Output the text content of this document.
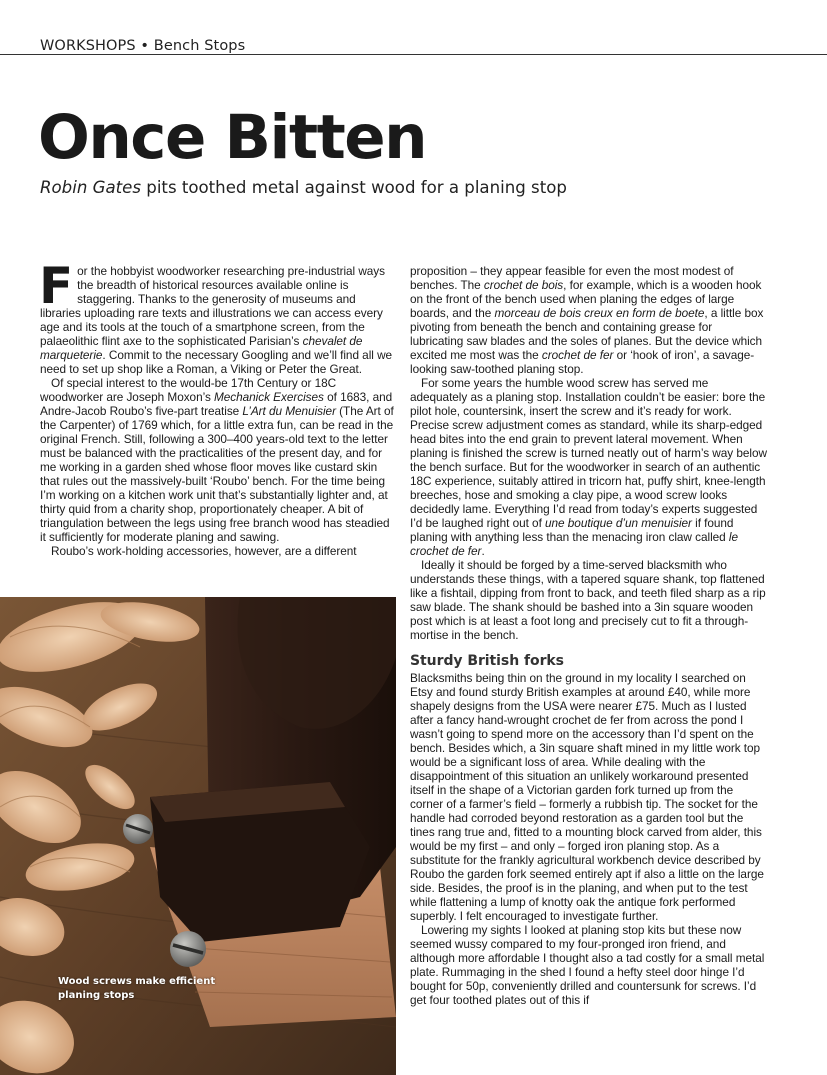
WORKSHOPS • Bench Stops
Once Bitten

Robin Gates pits toothed metal against wood for a planing stop

For the hobbyist woodworker researching pre-industrial ways the breadth of historical resources available online is staggering. Thanks to the generosity of museums and libraries uploading rare texts and illustrations we can access every age and its tools at the touch of a smartphone screen, from the palaeolithic flint axe to the sophisticated Parisian’s chevalet de marqueterie. Commit to the necessary Googling and we’ll find all we need to set up shop like a Roman, a Viking or Peter the Great.

Of special interest to the would-be 17th Century or 18C woodworker are Joseph Moxon’s Mechanick Exercises of 1683, and Andre-Jacob Roubo’s five-part treatise L’Art du Menuisier (The Art of the Carpenter) of 1769 which, for a little extra fun, can be read in the original French. Still, following a 300–400 years-old text to the letter must be balanced with the practicalities of the present day, and for me working in a garden shed whose floor moves like custard skin that rules out the massively-built ‘Roubo’ bench. For the time being I’m working on a kitchen work unit that’s substantially lighter and, at thirty quid from a charity shop, proportionately cheaper. A bit of triangulation between the legs using free branch wood has steadied it sufficiently for moderate planing and sawing.

Roubo’s work-holding accessories, however, are a different

proposition – they appear feasible for even the most modest of benches. The crochet de bois, for example, which is a wooden hook on the front of the bench used when planing the edges of large boards, and the morceau de bois creux en form de boete, a little box pivoting from beneath the bench and containing grease for lubricating saw blades and the soles of planes. But the device which excited me most was the crochet de fer or ‘hook of iron’, a savage-looking saw-toothed planing stop.

For some years the humble wood screw has served me adequately as a planing stop. Installation couldn’t be easier: bore the pilot hole, countersink, insert the screw and it’s ready for work. Precise screw adjustment comes as standard, while its sharp-edged head bites into the end grain to prevent lateral movement. When planing is finished the screw is turned neatly out of harm’s way below the bench surface. But for the woodworker in search of an authentic 18C experience, suitably attired in tricorn hat, puffy shirt, knee-length breeches, hose and smoking a clay pipe, a wood screw looks decidedly lame. Everything I’d read from today’s experts suggested I’d be laughed right out of une boutique d’un menuisier if found planing with anything less than the menacing iron claw called le crochet de fer.

Ideally it should be forged by a time-served blacksmith who understands these things, with a tapered square shank, top flattened like a fishtail, dipping from front to back, and teeth filed sharp as a rip saw blade. The shank should be bashed into a 3in square wooden post which is at least a foot long and precisely cut to fit a through-mortise in the bench.

Sturdy British forks

Blacksmiths being thin on the ground in my locality I searched on Etsy and found sturdy British examples at around £40, while more shapely designs from the USA were nearer £75. Much as I lusted after a fancy hand-wrought crochet de fer from across the pond I wasn’t going to spend more on the accessory than I’d spent on the bench. Besides which, a 3in square shaft mined in my little work top would be a significant loss of area. While dealing with the disappointment of this situation an unlikely workaround presented itself in the shape of a Victorian garden fork turned up from the corner of a farmer’s field – formerly a rubbish tip. The socket for the handle had corroded beyond restoration as a garden tool but the tines rang true and, fitted to a mounting block carved from alder, this would be my first – and only – forged iron planing stop. As a substitute for the frankly agricultural workbench device described by Roubo the garden fork seemed entirely apt if also a little on the large side. Besides, the proof is in the planing, and when put to the test while flattening a lump of knotty oak the antique fork performed superbly. I felt encouraged to investigate further.

Lowering my sights I looked at planing stop kits but these now seemed wussy compared to my four-pronged iron friend, and although more affordable I thought also a tad costly for a small metal plate. Rummaging in the shed I found a hefty steel door hinge I’d bought for 50p, conveniently drilled and countersunk for screws. I’d get four toothed plates out of this if

Wood screws make efficient planing stops
